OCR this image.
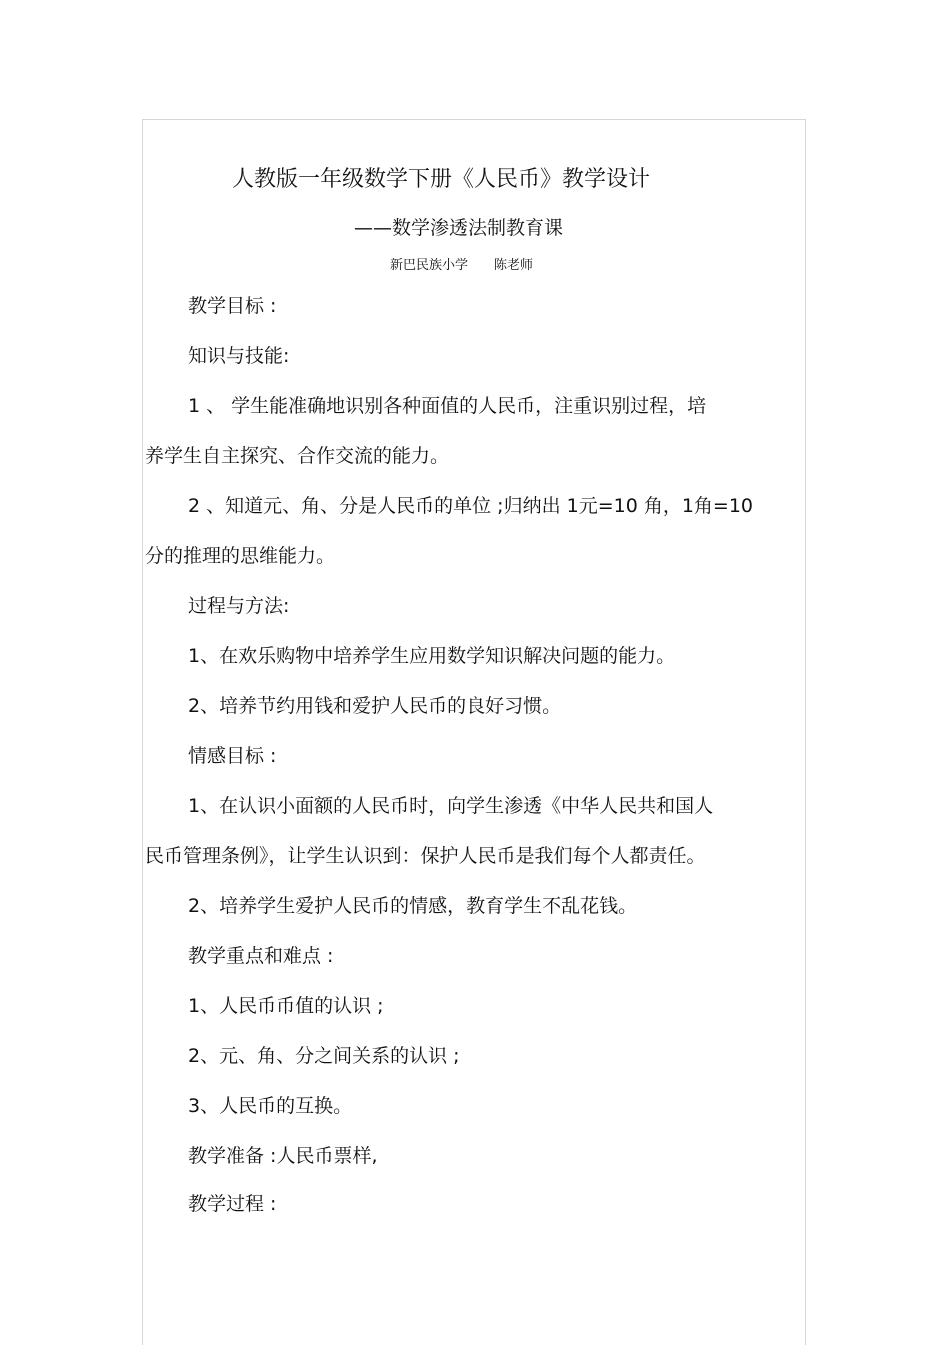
人教版一年级数学下册《人民币》教学设计
——数学渗透法制教育课
新巴民族小学 陈老师
教学目标 :
知识与技能:
1 、 学生能准确地识别各种面值的人民币，注重识别过程，培
养学生自主探究、合作交流的能力。
2 、知道元、角、分是人民币的单位 ;归纳出 1元=10 角，1角=10
分的推理的思维能力。
过程与方法:
1、在欢乐购物中培养学生应用数学知识解决问题的能力。
2、培养节约用钱和爱护人民币的良好习惯。
情感目标 :
1、在认识小面额的人民币时，向学生渗透《中华人民共和国人
民币管理条例》，让学生认识到：保护人民币是我们每个人都责任。
2、培养学生爱护人民币的情感，教育学生不乱花钱。
教学重点和难点 :
1、人民币币值的认识 ;
2、元、角、分之间关系的认识 ;
3、人民币的互换。
教学准备 :人民币票样,
教学过程 :
